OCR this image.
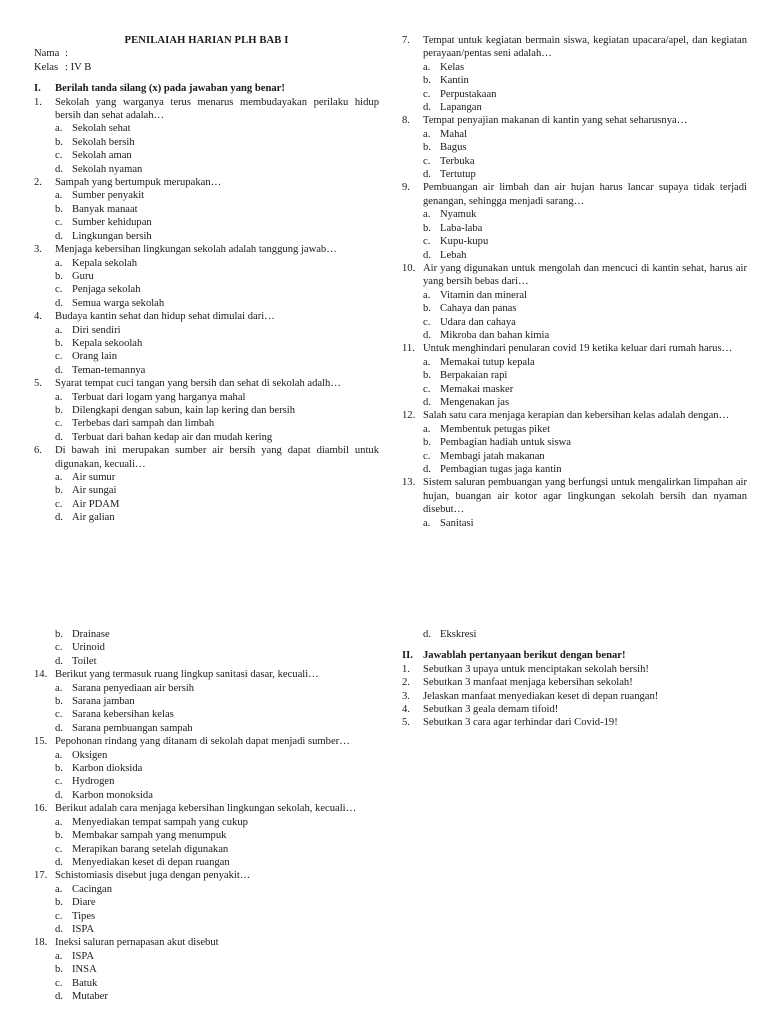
PENILAIAH HARIAN PLH BAB I
Nama :
Kelas : IV B
I.	Berilah tanda silang (x) pada jawaban yang benar!
1.	Sekolah yang warganya terus menarus membudayakan perilaku hidup bersih dan sehat adalah…
a. Sekolah sehat
b. Sekolah bersih
c. Sekolah aman
d. Sekolah nyaman
2.	Sampah yang bertumpuk merupakan…
a. Sumber penyakit
b. Banyak manaat
c. Sumber kehidupan
d. Lingkungan bersih
3.	Menjaga kebersihan lingkungan sekolah adalah tanggung jawab…
a. Kepala sekolah
b. Guru
c. Penjaga sekolah
d. Semua warga sekolah
4.	Budaya kantin sehat dan hidup sehat dimulai dari…
a. Diri sendiri
b. Kepala sekoolah
c. Orang lain
d. Teman-temannya
5.	Syarat tempat cuci tangan yang bersih dan sehat di sekolah adalh…
a. Terbuat dari logam yang harganya mahal
b. Dilengkapi dengan sabun, kain lap kering dan bersih
c. Terbebas dari sampah dan limbah
d. Terbuat dari bahan kedap air dan mudah kering
6.	Di bawah ini merupakan sumber air bersih yang dapat diambil untuk digunakan, kecuali…
a. Air sumur
b. Air sungai
c. Air PDAM
d. Air galian
7.	Tempat untuk kegiatan bermain siswa, kegiatan upacara/apel, dan kegiatan perayaan/pentas seni adalah…
a. Kelas
b. Kantin
c. Perpustakaan
d. Lapangan
8.	Tempat penyajian makanan di kantin yang sehat seharusnya…
a. Mahal
b. Bagus
c. Terbuka
d. Tertutup
9.	Pembuangan air limbah dan air hujan harus lancar supaya tidak terjadi genangan, sehingga menjadi sarang…
a. Nyamuk
b. Laba-laba
c. Kupu-kupu
d. Lebah
10. Air yang digunakan untuk mengolah dan mencuci di kantin sehat, harus air yang bersih bebas dari…
a. Vitamin dan mineral
b. Cahaya dan panas
c. Udara dan cahaya
d. Mikroba dan bahan kimia
11. Untuk menghindari penularan covid 19 ketika keluar dari rumah harus…
a. Memakai tutup kepala
b. Berpakaian rapi
c. Memakai masker
d. Mengenakan jas
12. Salah satu cara menjaga kerapian dan kebersihan kelas adalah dengan…
a. Membentuk petugas piket
b. Pembagian hadiah untuk siswa
c. Membagi jatah makanan
d. Pembagian tugas jaga kantin
13. Sistem saluran pembuangan yang berfungsi untuk mengalirkan limpahan air hujan, buangan air kotor agar lingkungan sekolah bersih dan nyaman disebut…
a. Sanitasi
b. Drainase
c. Urinoid
d. Toilet
14. Berikut yang termasuk ruang lingkup sanitasi dasar, kecuali…
a. Sarana penyediaan air bersih
b. Sarana jamban
c. Sarana kebersihan kelas
d. Sarana pembuangan sampah
15. Pepohonan rindang yang ditanam di sekolah dapat menjadi sumber…
a. Oksigen
b. Karbon dioksida
c. Hydrogen
d. Karbon monoksida
16. Berikut adalah cara menjaga kebersihan lingkungan sekolah, kecuali…
a. Menyediakan tempat sampah yang cukup
b. Membakar sampah yang menumpuk
c. Merapikan barang setelah digunakan
d. Menyediakan keset di depan ruangan
17. Schistomiasis disebut juga dengan penyakit…
a. Cacingan
b. Diare
c. Tipes
d. ISPA
18. Ineksi saluran pernapasan akut disebut
a. ISPA
b. INSA
c. Batuk
d. Mutaber
d. Ekskresi
II. Jawablah pertanyaan berikut dengan benar!
1.	Sebutkan 3 upaya untuk menciptakan sekolah bersih!
2.	Sebutkan 3 manfaat menjaga kebersihan sekolah!
3.	Jelaskan manfaat menyediakan keset di depan ruangan!
4.	Sebutkan 3 geala demam tifoid!
5.	Sebutkan 3 cara agar terhindar dari Covid-19!
